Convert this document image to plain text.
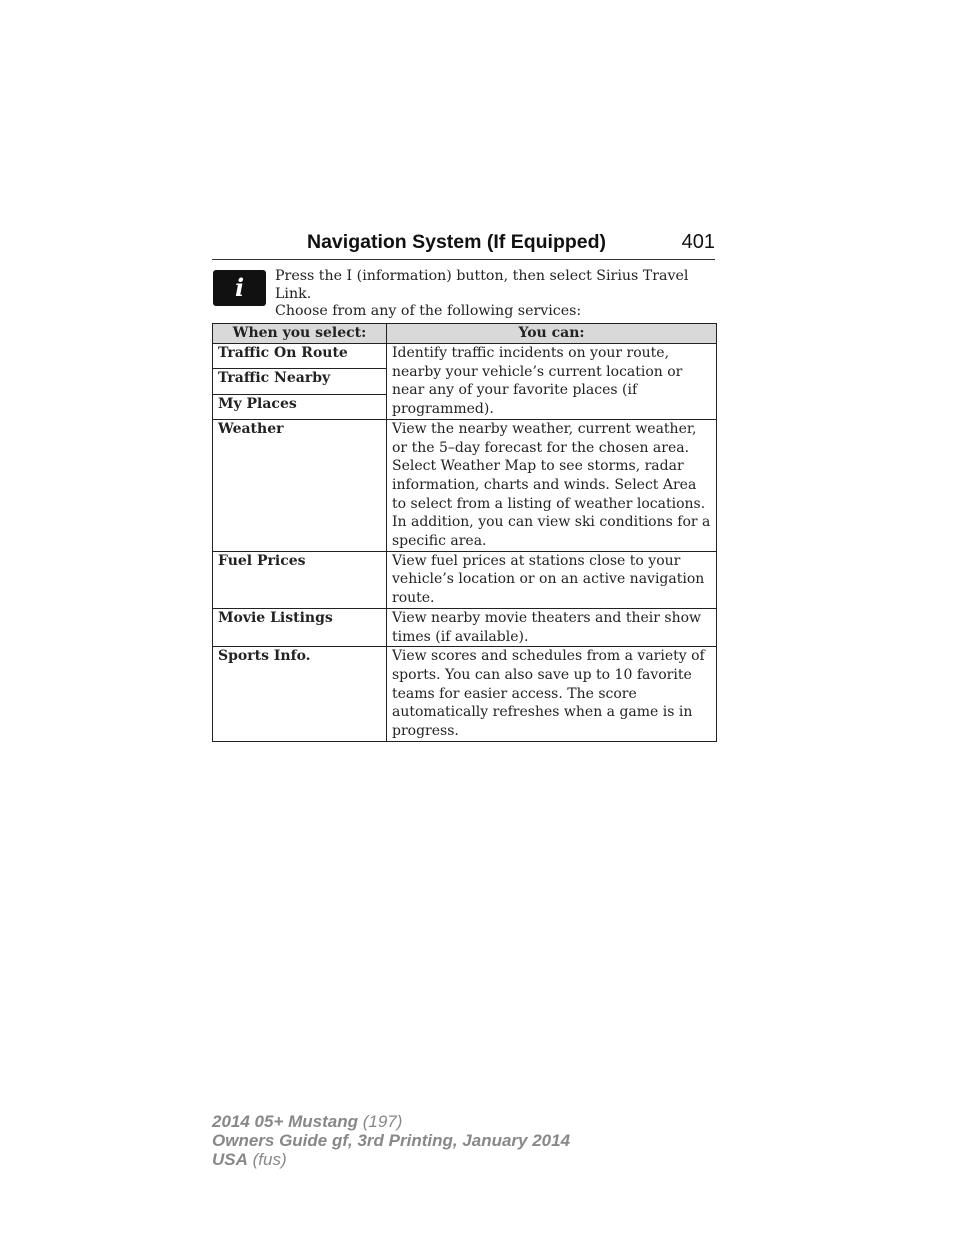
Navigation System (If Equipped)	401
i Press the I (information) button, then select Sirius Travel Link.
Choose from any of the following services:
When you select:	You can:
Traffic On Route	Identify traffic incidents on your route, nearby your vehicle’s current location or near any of your favorite places (if programmed).
Traffic Nearby	
My Places	
Weather	View the nearby weather, current weather, or the 5–day forecast for the chosen area. Select Weather Map to see storms, radar information, charts and winds. Select Area to select from a listing of weather locations. In addition, you can view ski conditions for a specific area.
Fuel Prices	View fuel prices at stations close to your vehicle’s location or on an active navigation route.
Movie Listings	View nearby movie theaters and their show times (if available).
Sports Info.	View scores and schedules from a variety of sports. You can also save up to 10 favorite teams for easier access. The score automatically refreshes when a game is in progress.
2014 05+ Mustang (197)
Owners Guide gf, 3rd Printing, January 2014
USA (fus)
